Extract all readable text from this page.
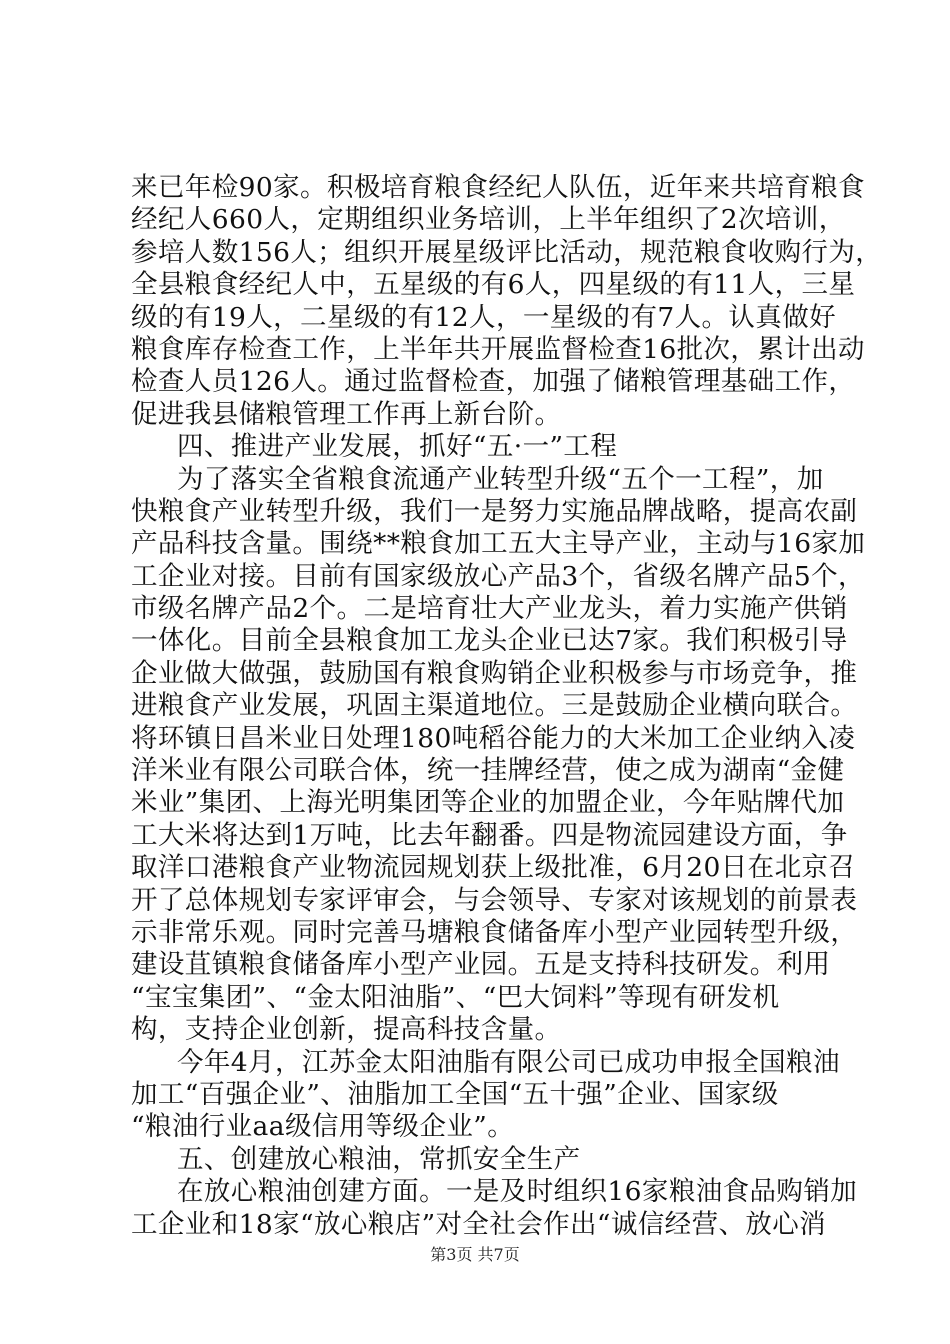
来已年检90家。积极培育粮食经纪人队伍，近年来共培育粮食
经纪人660人，定期组织业务培训，上半年组织了2次培训，
参培人数156人；组织开展星级评比活动，规范粮食收购行为，
全县粮食经纪人中，五星级的有6人，四星级的有11人，三星
级的有19人，二星级的有12人，一星级的有7人。认真做好
粮食库存检查工作，上半年共开展监督检查16批次，累计出动
检查人员126人。通过监督检查，加强了储粮管理基础工作，
促进我县储粮管理工作再上新台阶。
四、推进产业发展，抓好“五·一”工程
为了落实全省粮食流通产业转型升级“五个一工程”，加
快粮食产业转型升级，我们一是努力实施品牌战略，提高农副
产品科技含量。围绕**粮食加工五大主导产业，主动与16家加
工企业对接。目前有国家级放心产品3个，省级名牌产品5个，
市级名牌产品2个。二是培育壮大产业龙头，着力实施产供销
一体化。目前全县粮食加工龙头企业已达7家。我们积极引导
企业做大做强，鼓励国有粮食购销企业积极参与市场竞争，推
进粮食产业发展，巩固主渠道地位。三是鼓励企业横向联合。
将环镇日昌米业日处理180吨稻谷能力的大米加工企业纳入凌
洋米业有限公司联合体，统一挂牌经营，使之成为湖南“金健
米业”集团、上海光明集团等企业的加盟企业，今年贴牌代加
工大米将达到1万吨，比去年翻番。四是物流园建设方面，争
取洋口港粮食产业物流园规划获上级批准，6月20日在北京召
开了总体规划专家评审会，与会领导、专家对该规划的前景表
示非常乐观。同时完善马塘粮食储备库小型产业园转型升级，
建设苴镇粮食储备库小型产业园。五是支持科技研发。利用
“宝宝集团”、“金太阳油脂”、“巴大饲料”等现有研发机
构，支持企业创新，提高科技含量。
今年4月，江苏金太阳油脂有限公司已成功申报全国粮油
加工“百强企业”、油脂加工全国“五十强”企业、国家级
“粮油行业aa级信用等级企业”。
五、创建放心粮油，常抓安全生产
在放心粮油创建方面。一是及时组织16家粮油食品购销加
工企业和18家“放心粮店”对全社会作出“诚信经营、放心消
第3页 共7页
